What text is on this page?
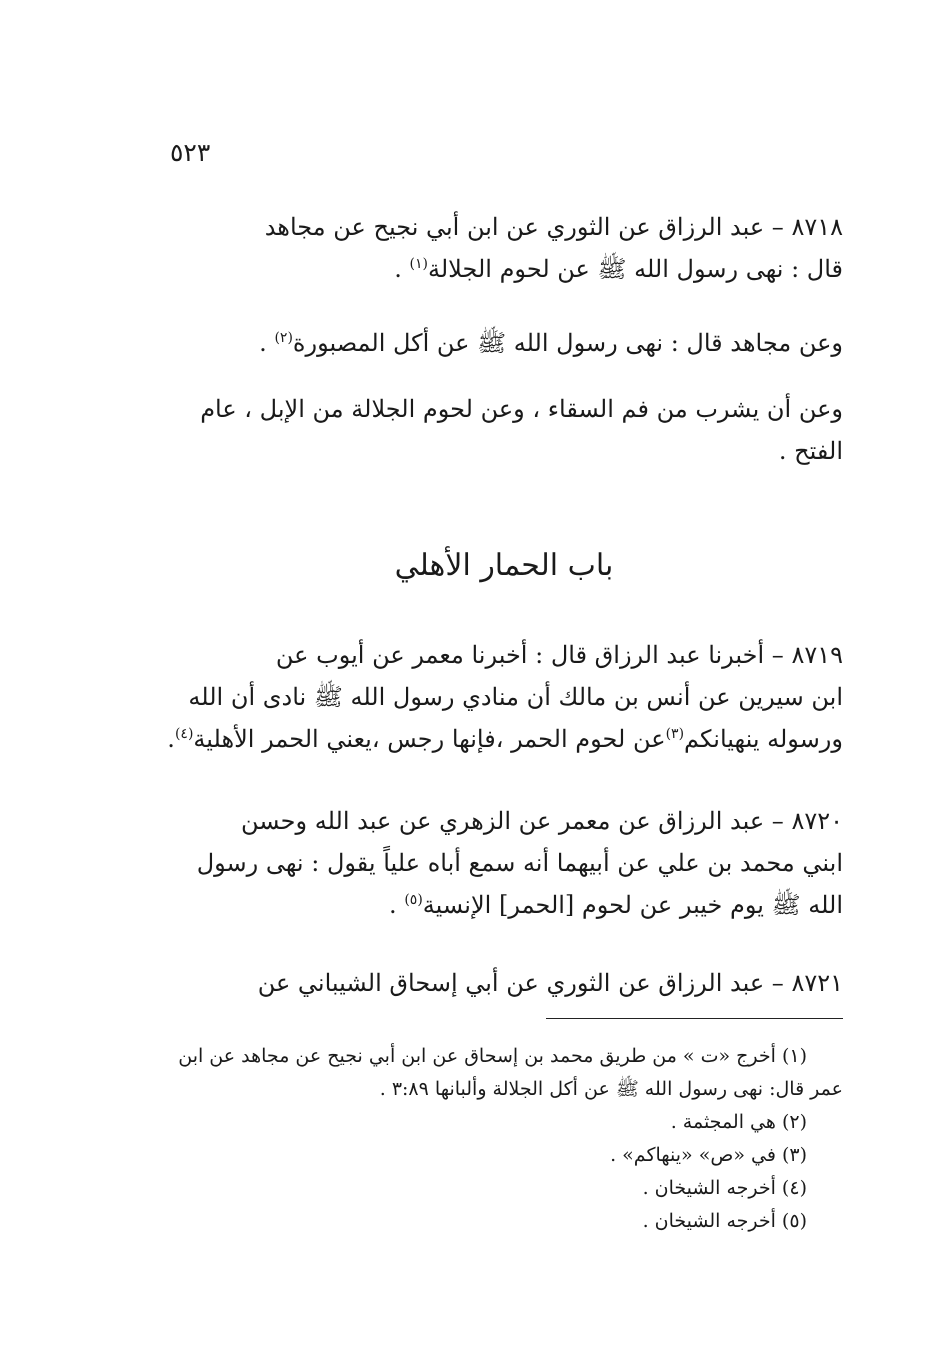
٥٢٣

٨٧١٨ – عبد الرزاق عن الثوري عن ابن أبي نجيح عن مجاهد

قال : نهى رسول الله ﷺ عن لحوم الجلالة$^{(١)}$ .

وعن مجاهد قال : نهى رسول الله ﷺ عن أكل المصبورة$^{(٢)}$ .

وعن أن يشرب من فم السقاء ، وعن لحوم الجلالة من الإبل ، عام

الفتح .

باب الحمار الأهلي

٨٧١٩ – أخبرنا عبد الرزاق قال : أخبرنا معمر عن أيوب عن

ابن سيرين عن أنس بن مالك أن منادي رسول الله ﷺ نادى أن الله

ورسوله ينهيانكم$^{(٣)}$عن لحوم الحمر ،فإنها رجس ،يعني الحمر الأهلية$^{(٤)}$.

٨٧٢٠ – عبد الرزاق عن معمر عن الزهري عن عبد الله وحسن

ابني محمد بن علي عن أبيهما أنه سمع أباه علياً يقول : نهى رسول

الله ﷺ يوم خيبر عن لحوم [الحمر] الإنسية$^{(٥)}$ .

٨٧٢١ – عبد الرزاق عن الثوري عن أبي إسحاق الشيباني عن

(١) أخرج «ت » من طريق محمد بن إسحاق عن ابن أبي نجيح عن مجاهد عن ابن

عمر قال: نهى رسول الله ﷺ عن أكل الجلالة وألبانها ٣:٨٩ .

(٢) هي المجثمة .

(٣) في «ص» «ينهاكم» .

(٤) أخرجه الشيخان .

(٥) أخرجه الشيخان .
